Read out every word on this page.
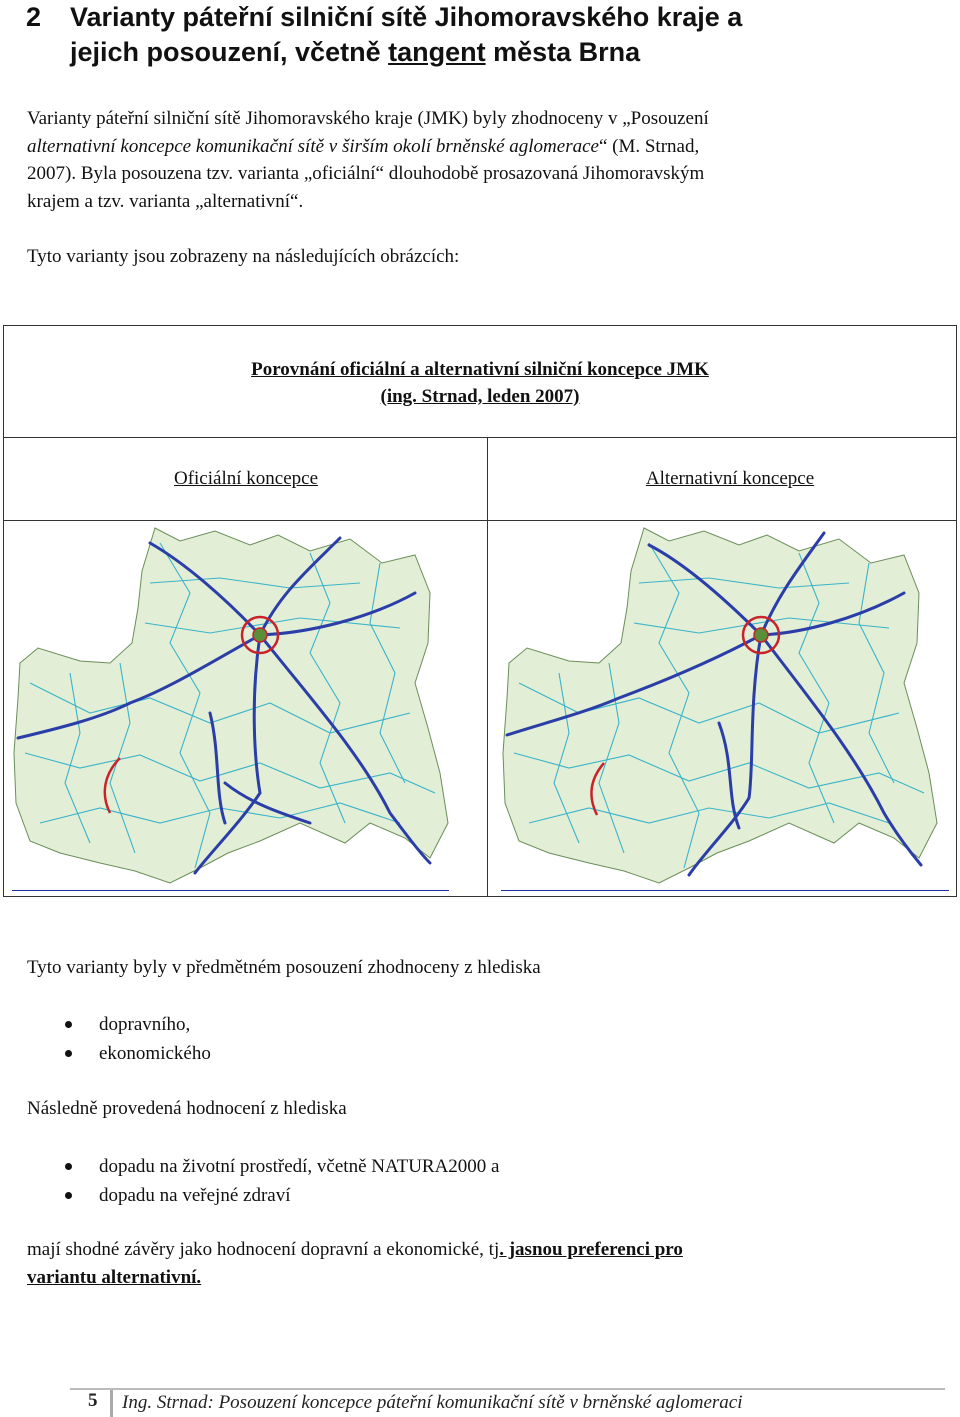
2 Varianty páteřní silniční sítě Jihomoravského kraje a
jejich posouzení, včetně tangent města Brna
Varianty páteřní silniční sítě Jihomoravského kraje (JMK) byly zhodnoceny v „Posouzení
alternativní koncepce komunikační sítě v širším okolí brněnské aglomerace“ (M. Strnad,
2007). Byla posouzena tzv. varianta „oficiální“ dlouhodobě prosazovaná Jihomoravským
krajem a tzv. varianta „alternativní“.
Tyto varianty jsou zobrazeny na následujících obrázcích:
Porovnání oficiální a alternativní silniční koncepce JMK
(ing. Strnad, leden 2007)
Oficiální koncepce	Alternativní koncepce
Tyto varianty byly v předmětném posouzení zhodnoceny z hlediska
dopravního,
ekonomického
Následně provedená hodnocení z hlediska
dopadu na životní prostředí, včetně NATURA2000 a
dopadu na veřejné zdraví
mají shodné závěry jako hodnocení dopravní a ekonomické, tj. jasnou preferenci pro
variantu alternativní.
5 Ing. Strnad: Posouzení koncepce páteřní komunikační sítě v brněnské aglomeraci
